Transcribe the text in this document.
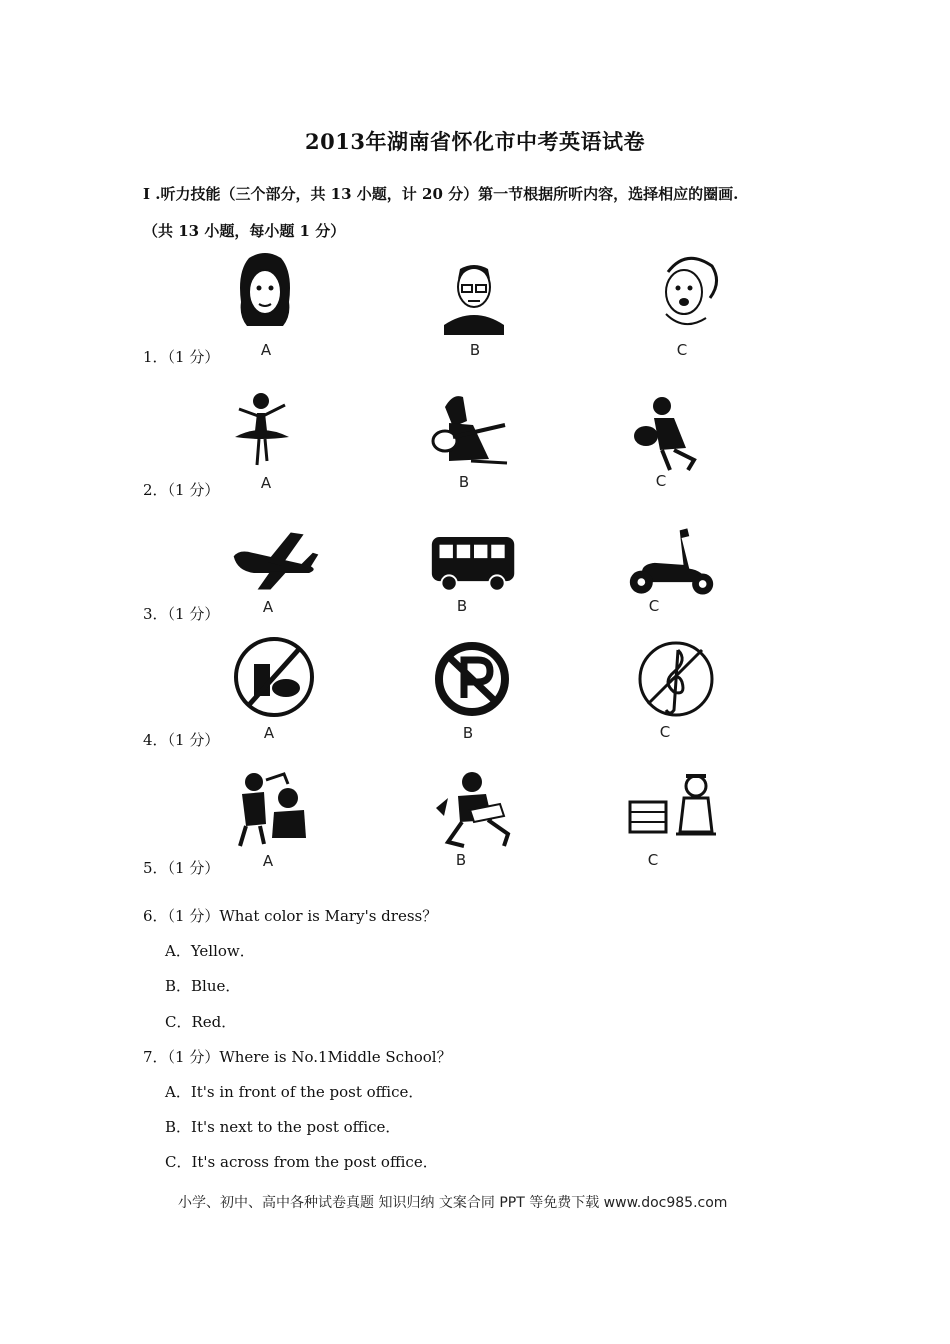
2013年湖南省怀化市中考英语试卷
I .听力技能（三个部分，共 13 小题，计 20 分）第一节根据所听内容，选择相应的圈画.
（共 13 小题，每小题 1 分）
1．（1 分）	A	B	C
2．（1 分）	A	B	C
3．（1 分）	A	B	C
4．（1 分）	A	B	C
5．（1 分）	A	B	C
6．（1 分）What color is Mary's dress？
A．Yellow．
B．Blue．
C．Red．
7．（1 分）Where is No.1Middle School？
A．It's in front of the post office．
B．It's next to the post office．
C．It's across from the post office．
小学、初中、高中各种试卷真题 知识归纳 文案合同 PPT 等免费下载 www.doc985.com
